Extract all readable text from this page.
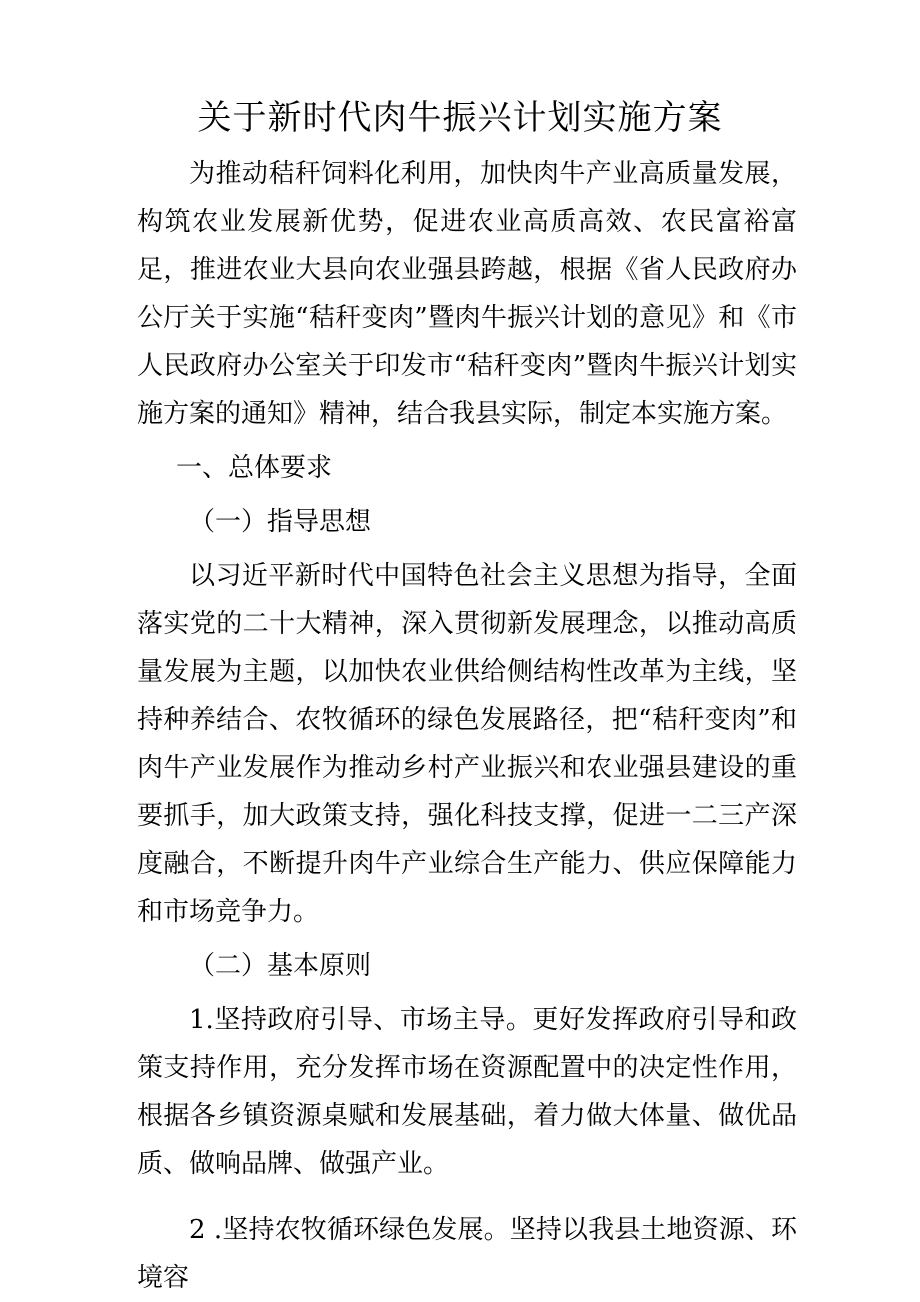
关于新时代肉牛振兴计划实施方案

为推动秸秆饲料化利用，加快肉牛产业高质量发展，构筑农业发展新优势，促进农业高质高效、农民富裕富足，推进农业大县向农业强县跨越，根据《省人民政府办公厅关于实施“秸秆变肉”暨肉牛振兴计划的意见》和《市人民政府办公室关于印发市“秸秆变肉”暨肉牛振兴计划实施方案的通知》精神，结合我县实际，制定本实施方案。

一、总体要求

（一）指导思想

以习近平新时代中国特色社会主义思想为指导，全面落实党的二十大精神，深入贯彻新发展理念，以推动高质量发展为主题，以加快农业供给侧结构性改革为主线，坚持种养结合、农牧循环的绿色发展路径，把“秸秆变肉”和肉牛产业发展作为推动乡村产业振兴和农业强县建设的重要抓手，加大政策支持，强化科技支撑，促进一二三产深度融合，不断提升肉牛产业综合生产能力、供应保障能力和市场竞争力。

（二）基本原则

1.坚持政府引导、市场主导。更好发挥政府引导和政策支持作用，充分发挥市场在资源配置中的决定性作用，根据各乡镇资源桌赋和发展基础，着力做大体量、做优品质、做响品牌、做强产业。

2 .坚持农牧循环绿色发展。坚持以我县土地资源、环境容
